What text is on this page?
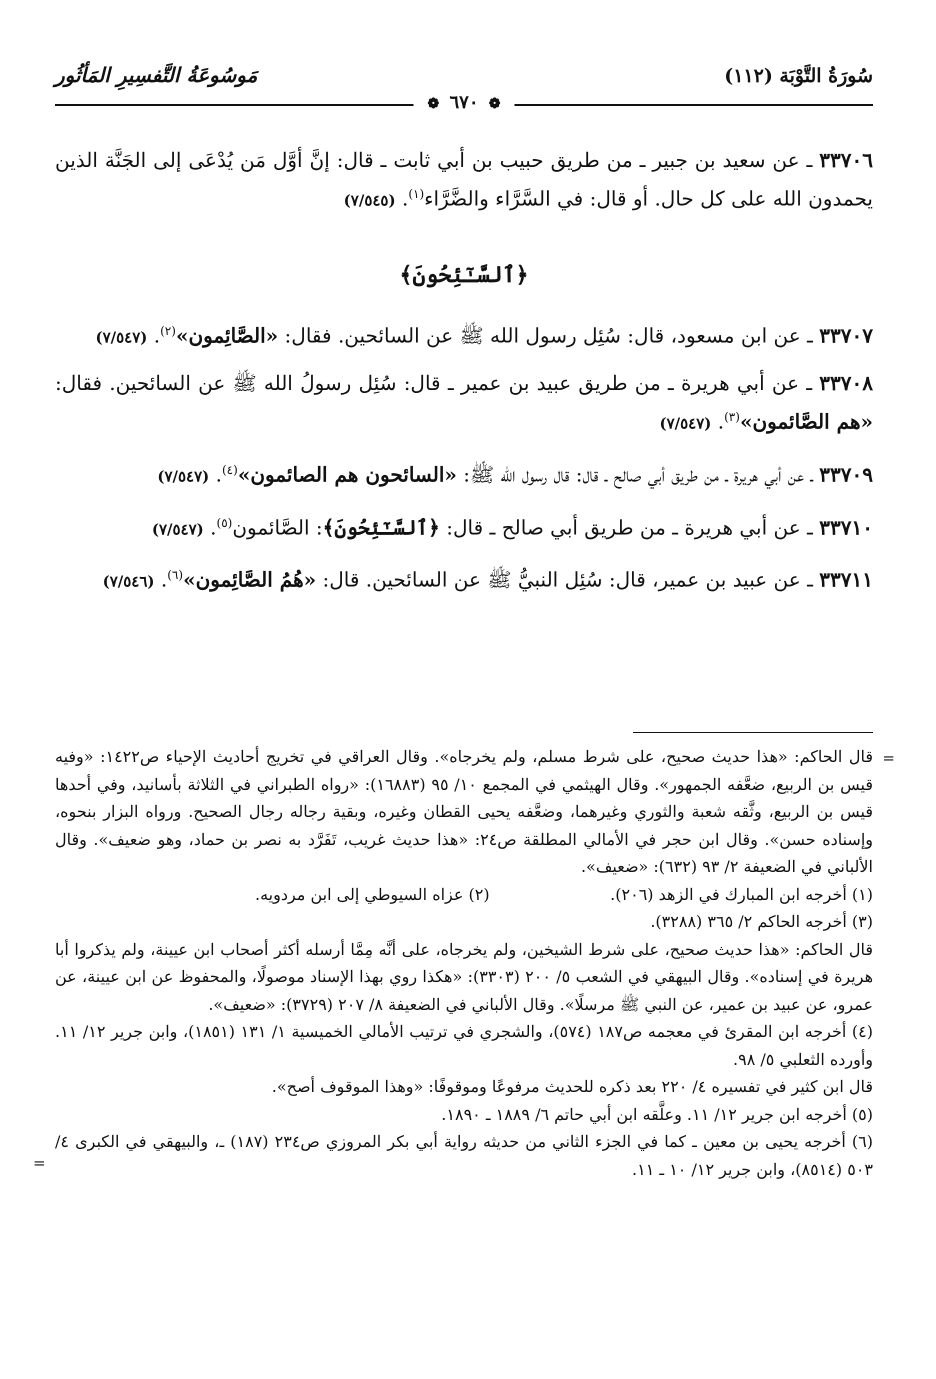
سُورَةُ التَّوْبَة (١١٢)
مَوسُوعَةُ التَّفسِيرِ المَأثُور
❁ ٦٧٠ ❁

٣٣٧٠٦ ـ عن سعيد بن جبير ـ من طريق حبيب بن أبي ثابت ـ قال: إنَّ أوَّل مَن يُدْعَى إلى الجَنَّة الذين يحمدون الله على كل حال. أو قال: في السَّرَّاء والضَّرَّاء$^{(١)}$. (٧/٥٤٥)

﴿ٱلسَّـٰٓئِحُونَ﴾

٣٣٧٠٧ ـ عن ابن مسعود، قال: سُئِل رسول الله ﷺ عن السائحين. فقال: «الصَّائِمون»$^{(٢)}$. (٧/٥٤٧)

٣٣٧٠٨ ـ عن أبي هريرة ـ من طريق عبيد بن عمير ـ قال: سُئِل رسولُ الله ﷺ عن السائحين. فقال: «هم الصَّائمون»$^{(٣)}$. (٧/٥٤٧)

٣٣٧٠٩ ـ عن أبي هريرة ـ من طريق أبي صالح ـ قال: قال رسول الله ﷺ: «السائحون هم الصائمون»$^{(٤)}$. (٧/٥٤٧)

٣٣٧١٠ ـ عن أبي هريرة ـ من طريق أبي صالح ـ قال: ﴿ٱلسَّـٰٓئِحُونَ﴾: الصَّائمون$^{(٥)}$. (٧/٥٤٧)

٣٣٧١١ ـ عن عبيد بن عمير، قال: سُئِل النبيُّ ﷺ عن السائحين. قال: «هُمُ الصَّائِمون»$^{(٦)}$. (٧/٥٤٦)

=

قال الحاكم: «هذا حديث صحيح، على شرط مسلم، ولم يخرجاه». وقال العراقي في تخريج أحاديث الإحياء ص١٤٢٢: «وفيه قيس بن الربيع، ضعَّفه الجمهور». وقال الهيثمي في المجمع ١٠/ ٩٥ (١٦٨٨٣): «رواه الطبراني في الثلاثة بأسانيد، وفي أحدها قيس بن الربيع، وثَّقه شعبة والثوري وغيرهما، وضعَّفه يحيى القطان وغيره، وبقية رجاله رجال الصحيح. ورواه البزار بنحوه، وإسناده حسن». وقال ابن حجر في الأمالي المطلقة ص٢٤: «هذا حديث غريب، تَفَرَّد به نصر بن حماد، وهو ضعيف». وقال الألباني في الضعيفة ٢/ ٩٣ (٦٣٢): «ضعيف».

(١) أخرجه ابن المبارك في الزهد (٢٠٦).
(٢) عزاه السيوطي إلى ابن مردويه.

(٣) أخرجه الحاكم ٢/ ٣٦٥ (٣٢٨٨).

قال الحاكم: «هذا حديث صحيح، على شرط الشيخين، ولم يخرجاه، على أنَّه مِمَّا أرسله أكثر أصحاب ابن عيينة، ولم يذكروا أبا هريرة في إسناده». وقال البيهقي في الشعب ٥/ ٢٠٠ (٣٣٠٣): «هكذا روي بهذا الإسناد موصولًا، والمحفوظ عن ابن عيينة، عن عمرو، عن عبيد بن عمير، عن النبي ﷺ مرسلًا». وقال الألباني في الضعيفة ٨/ ٢٠٧ (٣٧٢٩): «ضعيف».

(٤) أخرجه ابن المقرئ في معجمه ص١٨٧ (٥٧٤)، والشجري في ترتيب الأمالي الخميسية ١/ ١٣١ (١٨٥١)، وابن جرير ١٢/ ١١. وأورده الثعلبي ٥/ ٩٨.

قال ابن كثير في تفسيره ٤/ ٢٢٠ بعد ذكره للحديث مرفوعًا وموقوفًا: «وهذا الموقوف أصح».

(٥) أخرجه ابن جرير ١٢/ ١١. وعلَّقه ابن أبي حاتم ٦/ ١٨٨٩ ـ ١٨٩٠.

(٦) أخرجه يحيى بن معين ـ كما في الجزء الثاني من حديثه رواية أبي بكر المروزي ص٢٣٤ (١٨٧) ـ، والبيهقي في الكبرى ٤/ ٥٠٣ (٨٥١٤)، وابن جرير ١٢/ ١٠ ـ ١١.

=
